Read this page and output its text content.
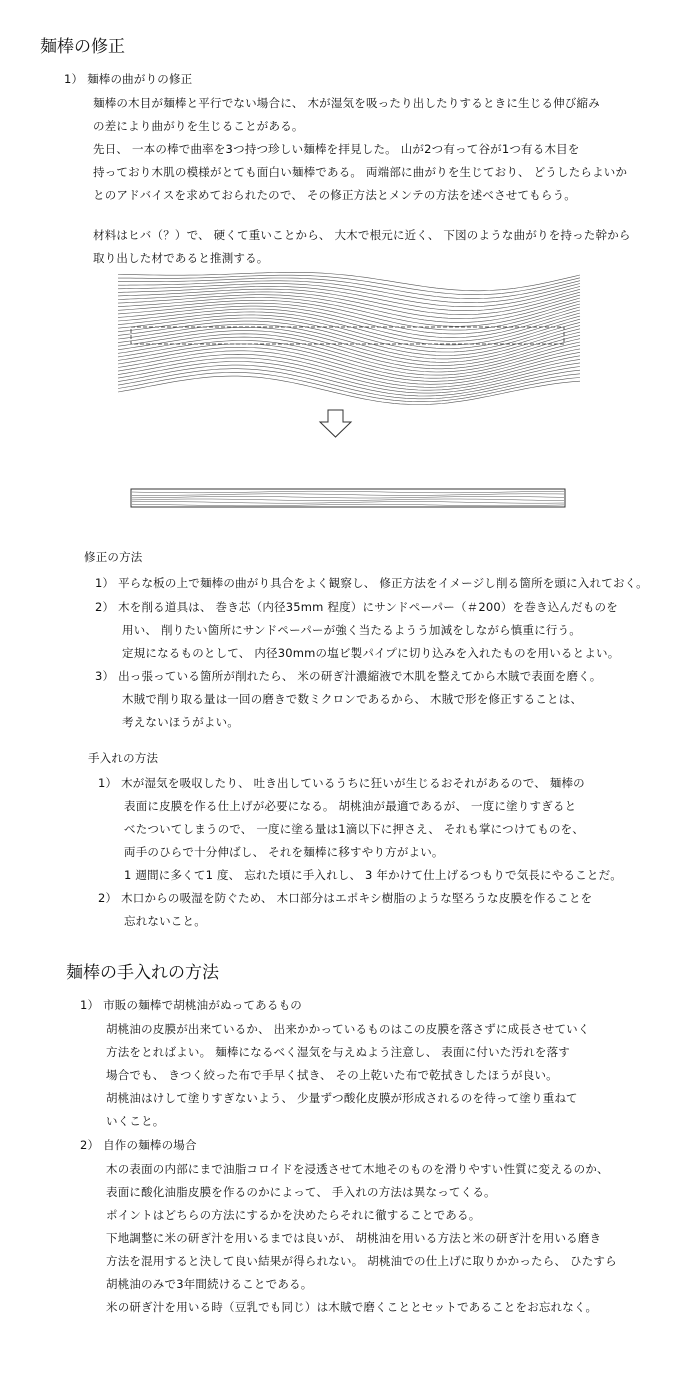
麺棒の修正
1） 麺棒の曲がりの修正
麺棒の木目が麺棒と平行でない場合に、 木が湿気を吸ったり出したりするときに生じる伸び縮み
の差により曲がりを生じることがある。
先日、 一本の棒で曲率を3つ持つ珍しい麺棒を拝見した。 山が2つ有って谷が1つ有る木目を
持っており木肌の模様がとても面白い麺棒である。 両端部に曲がりを生じており、 どうしたらよいか
とのアドバイスを求めておられたので、 その修正方法とメンテの方法を述べさせてもらう。
材料はヒバ（？）で、 硬くて重いことから、 大木で根元に近く、 下図のような曲がりを持った幹から
取り出した材であると推測する。
修正の方法
1） 平らな板の上で麺棒の曲がり具合をよく観察し、 修正方法をイメージし削る箇所を頭に入れておく。
2） 木を削る道具は、 巻き芯（内径35mm 程度）にサンドペーパー（＃200）を巻き込んだものを
用い、 削りたい箇所にサンドペーパーが強く当たるようう加減をしながら慎重に行う。
定規になるものとして、 内径30mmの塩ビ製パイプに切り込みを入れたものを用いるとよい。
3） 出っ張っている箇所が削れたら、 米の研ぎ汁濃縮液で木肌を整えてから木賊で表面を磨く。
木賊で削り取る量は一回の磨きで数ミクロンであるから、 木賊で形を修正することは、
考えないほうがよい。
手入れの方法
1） 木が湿気を吸収したり、 吐き出しているうちに狂いが生じるおそれがあるので、 麺棒の
表面に皮膜を作る仕上げが必要になる。 胡桃油が最適であるが、 一度に塗りすぎると
べたついてしまうので、 一度に塗る量は1滴以下に押さえ、 それも掌につけてものを、
両手のひらで十分伸ばし、 それを麺棒に移すやり方がよい。
1 週間に多くて1 度、 忘れた頃に手入れし、 3 年かけて仕上げるつもりで気長にやることだ。
2） 木口からの吸湿を防ぐため、 木口部分はエポキシ樹脂のような堅ろうな皮膜を作ることを
忘れないこと。
麺棒の手入れの方法
1） 市販の麺棒で胡桃油がぬってあるもの
胡桃油の皮膜が出来ているか、 出来かかっているものはこの皮膜を落さずに成長させていく
方法をとればよい。 麺棒になるべく湿気を与えぬよう注意し、 表面に付いた汚れを落す
場合でも、 きつく絞った布で手早く拭き、 その上乾いた布で乾拭きしたほうが良い。
胡桃油はけして塗りすぎないよう、 少量ずつ酸化皮膜が形成されるのを待って塗り重ねて
いくこと。
2） 自作の麺棒の場合
木の表面の内部にまで油脂コロイドを浸透させて木地そのものを滑りやすい性質に変えるのか、
表面に酸化油脂皮膜を作るのかによって、 手入れの方法は異なってくる。
ポイントはどちらの方法にするかを決めたらそれに徹することである。
下地調整に米の研ぎ汁を用いるまでは良いが、 胡桃油を用いる方法と米の研ぎ汁を用いる磨き
方法を混用すると決して良い結果が得られない。 胡桃油での仕上げに取りかかったら、 ひたすら
胡桃油のみで3年間続けることである。
米の研ぎ汁を用いる時（豆乳でも同じ）は木賊で磨くこととセットであることをお忘れなく。
